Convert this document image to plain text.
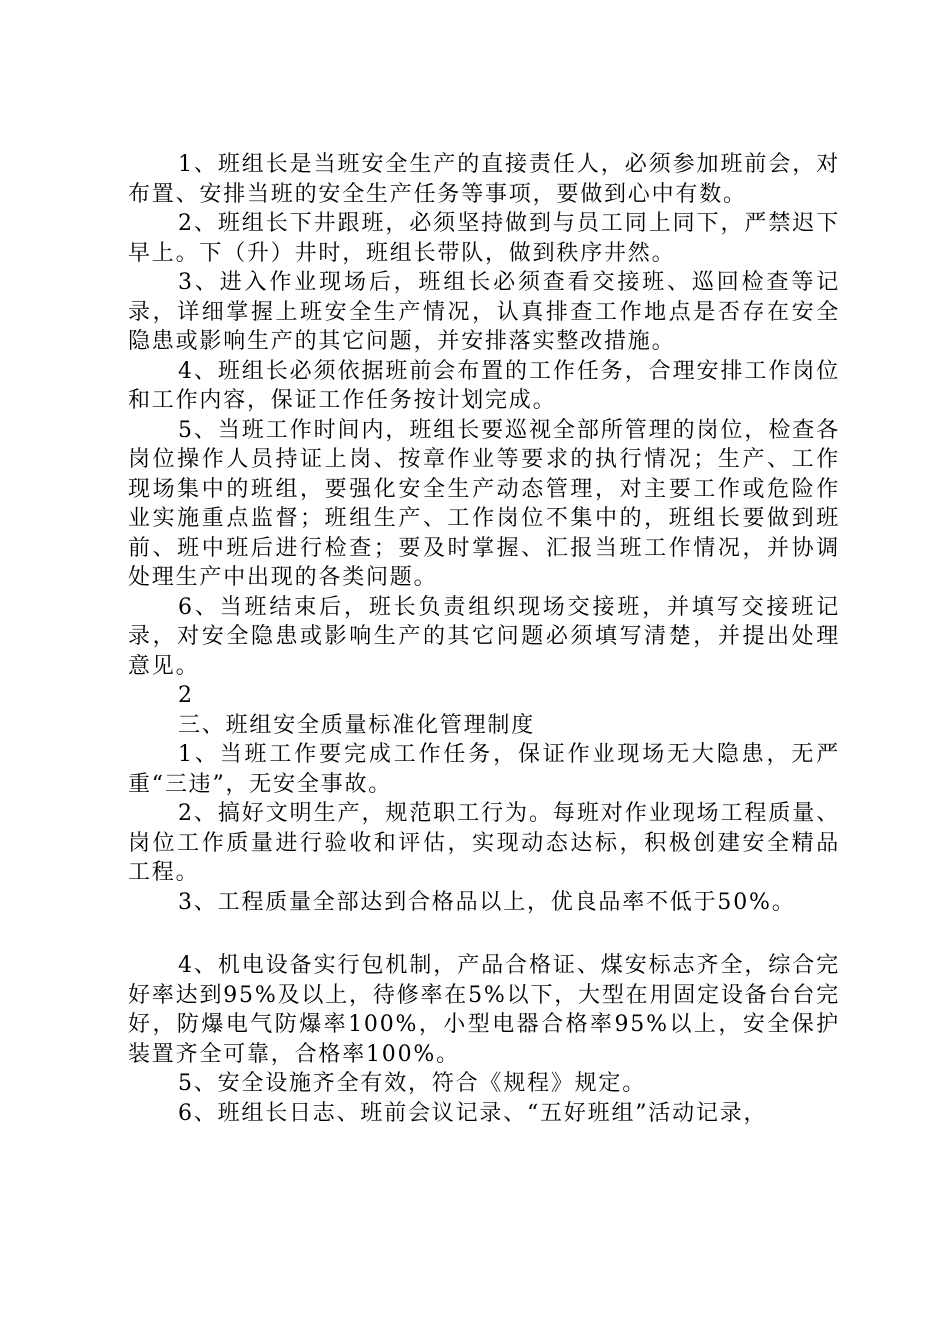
1、班组长是当班安全生产的直接责任人，必须参加班前会，对布置、安排当班的安全生产任务等事项，要做到心中有数。

2、班组长下井跟班，必须坚持做到与员工同上同下，严禁迟下早上。下（升）井时，班组长带队，做到秩序井然。

3、进入作业现场后，班组长必须查看交接班、巡回检查等记录，详细掌握上班安全生产情况，认真排查工作地点是否存在安全隐患或影响生产的其它问题，并安排落实整改措施。

4、班组长必须依据班前会布置的工作任务，合理安排工作岗位和工作内容，保证工作任务按计划完成。

5、当班工作时间内，班组长要巡视全部所管理的岗位，检查各岗位操作人员持证上岗、按章作业等要求的执行情况；生产、工作现场集中的班组，要强化安全生产动态管理，对主要工作或危险作业实施重点监督；班组生产、工作岗位不集中的，班组长要做到班前、班中班后进行检查；要及时掌握、汇报当班工作情况，并协调处理生产中出现的各类问题。

6、当班结束后，班长负责组织现场交接班，并填写交接班记录，对安全隐患或影响生产的其它问题必须填写清楚，并提出处理意见。

2

三、班组安全质量标准化管理制度

1、当班工作要完成工作任务，保证作业现场无大隐患，无严重“三违”，无安全事故。

2、搞好文明生产，规范职工行为。每班对作业现场工程质量、岗位工作质量进行验收和评估，实现动态达标，积极创建安全精品工程。

3、工程质量全部达到合格品以上，优良品率不低于50%。

4、机电设备实行包机制，产品合格证、煤安标志齐全，综合完好率达到95%及以上，待修率在5%以下，大型在用固定设备台台完好，防爆电气防爆率100%，小型电器合格率95%以上，安全保护装置齐全可靠，合格率100%。

5、安全设施齐全有效，符合《规程》规定。

6、班组长日志、班前会议记录、“五好班组”活动记录，
